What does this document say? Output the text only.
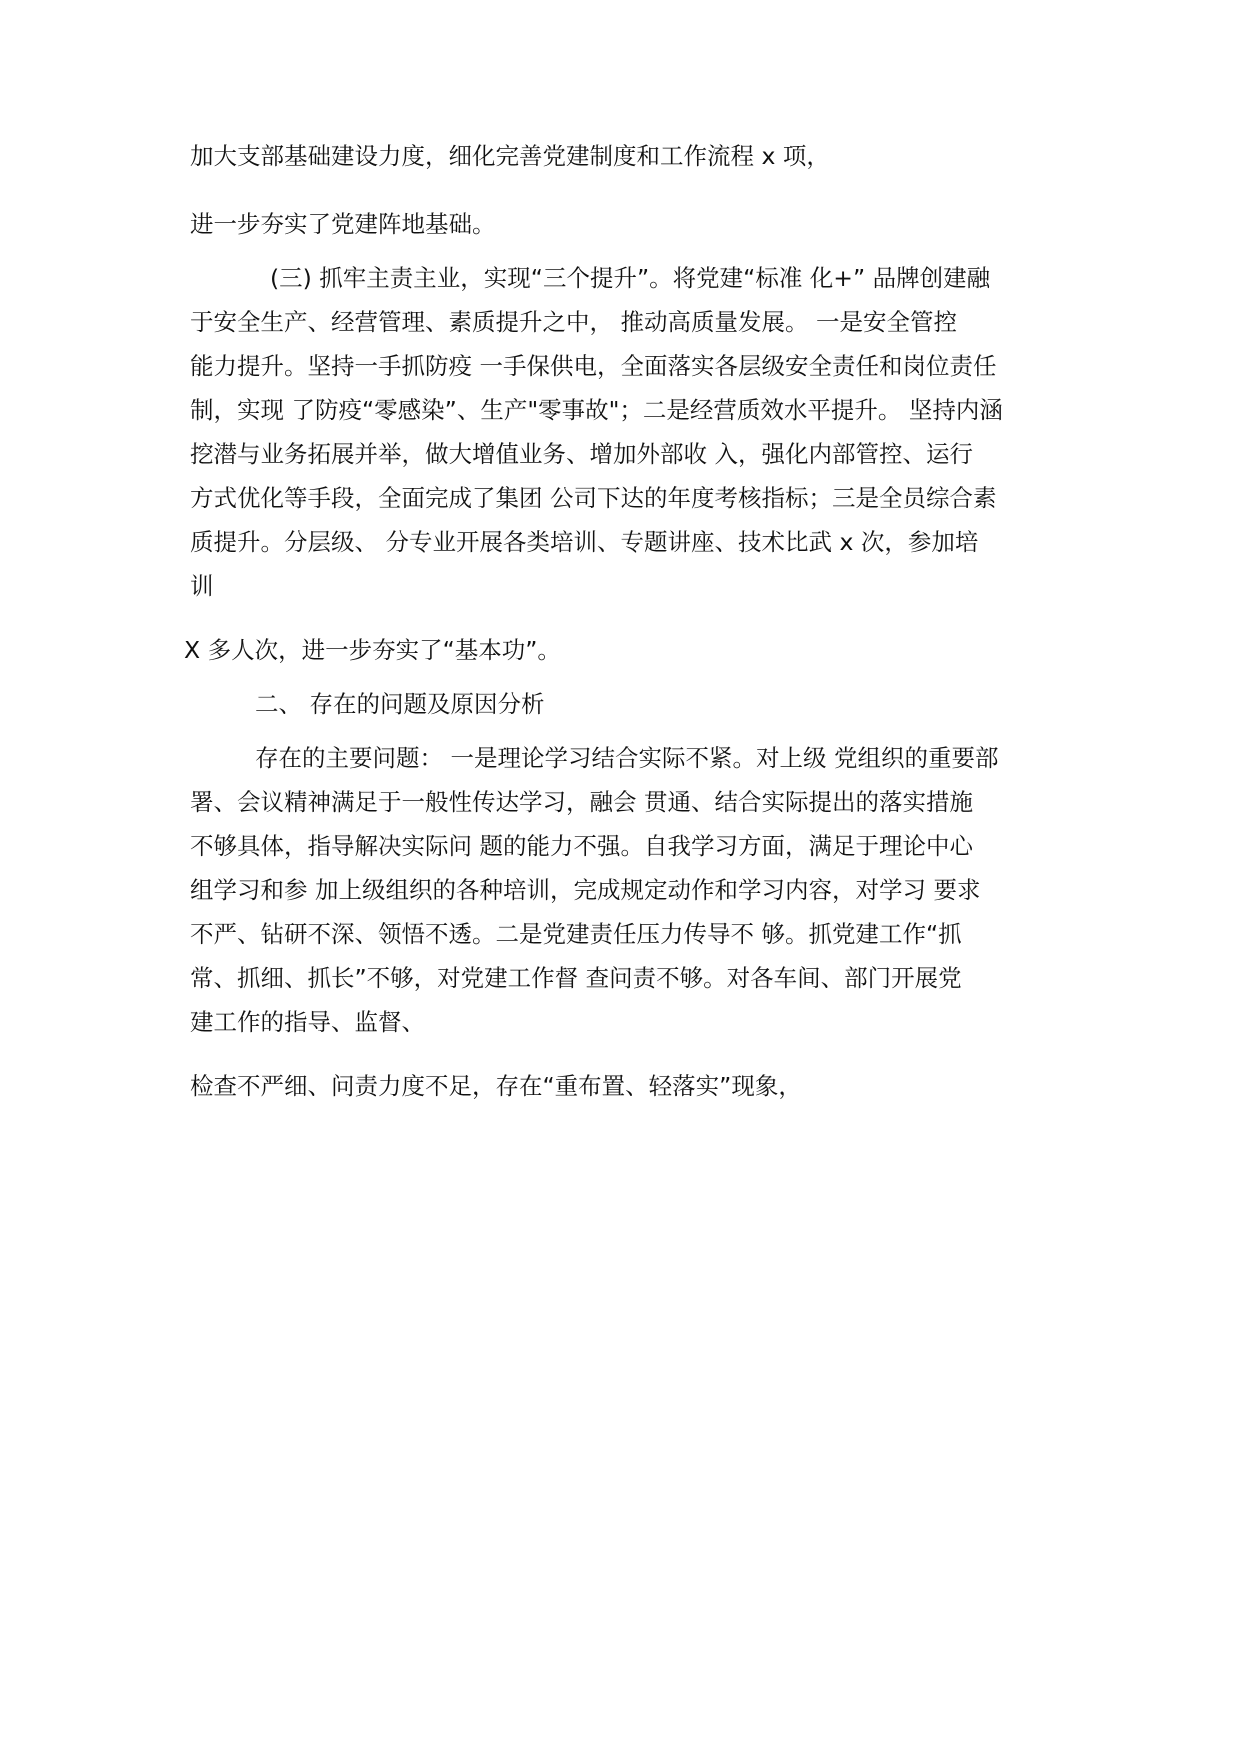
加大支部基础建设力度，细化完善党建制度和工作流程 x 项，

进一步夯实了党建阵地基础。

(三) 抓牢主责主业，实现“三个提升”。将党建“标准 化+” 品牌创建融

于安全生产、经营管理、素质提升之中， 推动高质量发展。 一是安全管控

能力提升。坚持一手抓防疫 一手保供电，全面落实各层级安全责任和岗位责任

制，实现 了防疫“零感染”、生产"零事故"；二是经营质效水平提升。 坚持内涵

挖潜与业务拓展并举，做大增值业务、增加外部收 入，强化内部管控、运行

方式优化等手段，全面完成了集团 公司下达的年度考核指标；三是全员综合素

质提升。分层级、 分专业开展各类培训、专题讲座、技术比武 x 次，参加培

训

X 多人次，进一步夯实了“基本功”。

二、 存在的问题及原因分析

存在的主要问题： 一是理论学习结合实际不紧。对上级 党组织的重要部

署、会议精神满足于一般性传达学习，融会 贯通、结合实际提出的落实措施

不够具体，指导解决实际问 题的能力不强。自我学习方面，满足于理论中心

组学习和参 加上级组织的各种培训，完成规定动作和学习内容，对学习 要求

不严、钻研不深、领悟不透。二是党建责任压力传导不 够。抓党建工作“抓

常、抓细、抓长”不够，对党建工作督 查问责不够。对各车间、部门开展党

建工作的指导、监督、

检查不严细、问责力度不足，存在“重布置、轻落实”现象，
